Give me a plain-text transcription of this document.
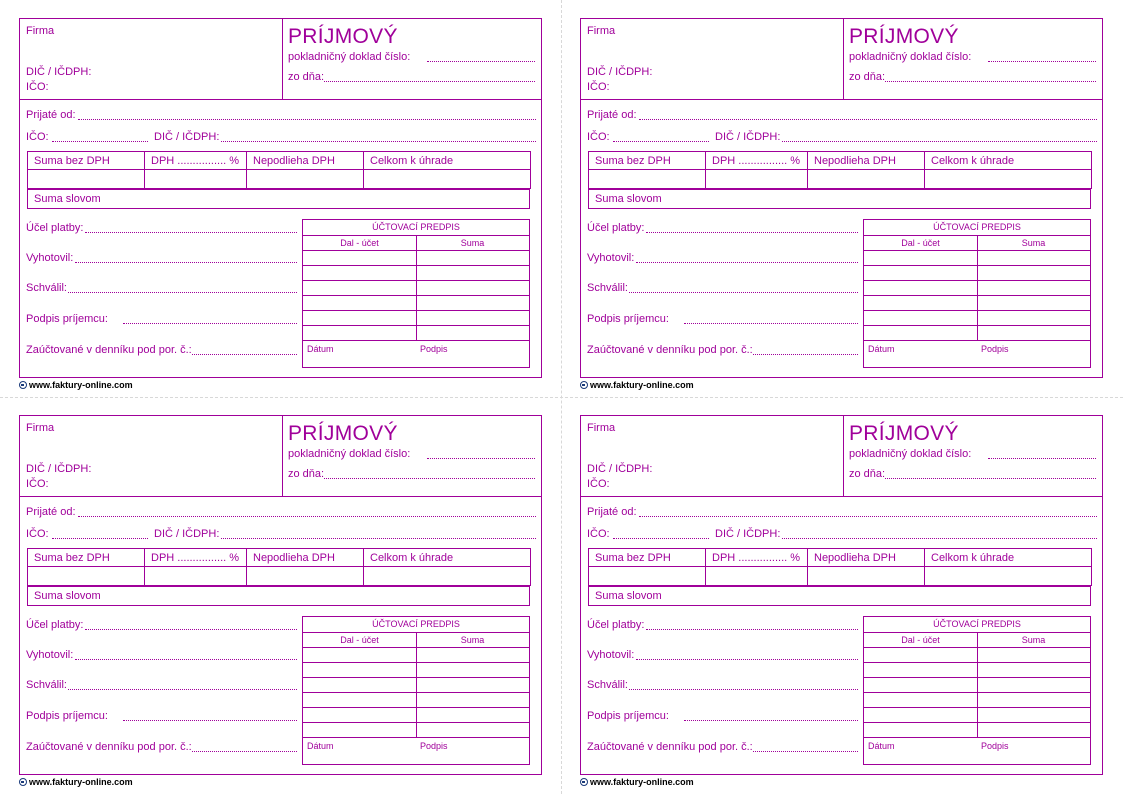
Firma
DIČ / IČDPH:
IČO:
PRÍJMOVÝ
pokladničný doklad číslo:
zo dňa:
Prijaté od:
IČO:	DIČ / IČDPH:
Suma bez DPH	DPH ................ %	Nepodlieha DPH	Celkom k úhrade

Suma slovom
Účel platby:
Vyhotovil:
Schválil:
Podpis príjemcu:
Zaúčtované v denníku pod por. č.:
ÚČTOVACÍ PREDPIS
Dal - účet	Suma
Dátum	Podpis
www.faktury-online.com
Firma
DIČ / IČDPH:
IČO:
PRÍJMOVÝ
pokladničný doklad číslo:
zo dňa:
Prijaté od:
IČO:	DIČ / IČDPH:
Suma bez DPH	DPH ................ %	Nepodlieha DPH	Celkom k úhrade

Suma slovom
Účel platby:
Vyhotovil:
Schválil:
Podpis príjemcu:
Zaúčtované v denníku pod por. č.:
ÚČTOVACÍ PREDPIS
Dal - účet	Suma
Dátum	Podpis
www.faktury-online.com
Firma
DIČ / IČDPH:
IČO:
PRÍJMOVÝ
pokladničný doklad číslo:
zo dňa:
Prijaté od:
IČO:	DIČ / IČDPH:
Suma bez DPH	DPH ................ %	Nepodlieha DPH	Celkom k úhrade

Suma slovom
Účel platby:
Vyhotovil:
Schválil:
Podpis príjemcu:
Zaúčtované v denníku pod por. č.:
ÚČTOVACÍ PREDPIS
Dal - účet	Suma
Dátum	Podpis
www.faktury-online.com
Firma
DIČ / IČDPH:
IČO:
PRÍJMOVÝ
pokladničný doklad číslo:
zo dňa:
Prijaté od:
IČO:	DIČ / IČDPH:
Suma bez DPH	DPH ................ %	Nepodlieha DPH	Celkom k úhrade

Suma slovom
Účel platby:
Vyhotovil:
Schválil:
Podpis príjemcu:
Zaúčtované v denníku pod por. č.:
ÚČTOVACÍ PREDPIS
Dal - účet	Suma
Dátum	Podpis
www.faktury-online.com
